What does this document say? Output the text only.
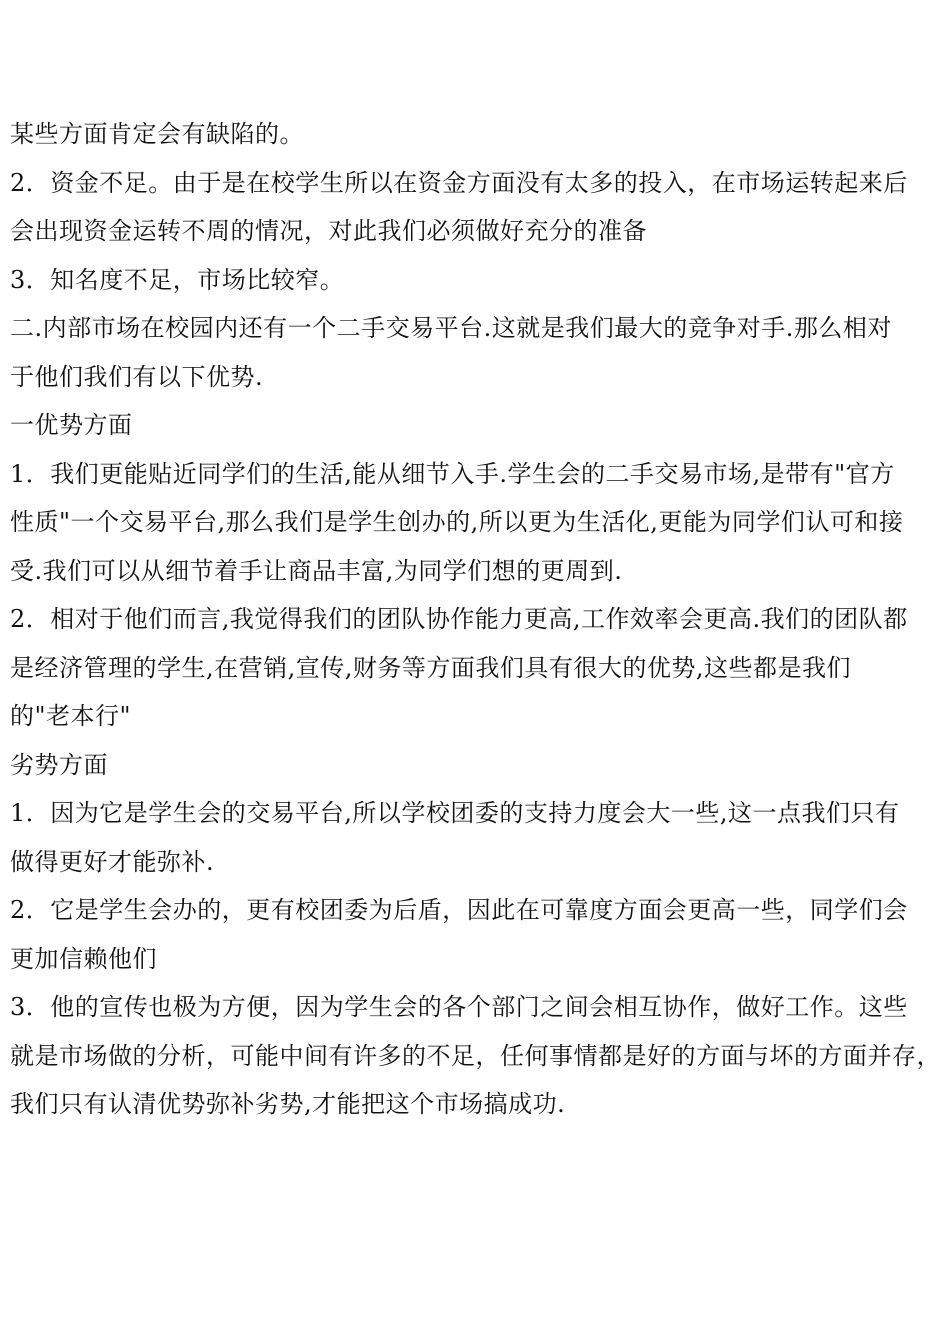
某些方面肯定会有缺陷的。
2．资金不足。由于是在校学生所以在资金方面没有太多的投入，在市场运转起来后
会出现资金运转不周的情况，对此我们必须做好充分的准备
3．知名度不足，市场比较窄。
二.内部市场在校园内还有一个二手交易平台.这就是我们最大的竞争对手.那么相对
于他们我们有以下优势.
一优势方面
1．我们更能贴近同学们的生活,能从细节入手.学生会的二手交易市场,是带有"官方
性质"一个交易平台,那么我们是学生创办的,所以更为生活化,更能为同学们认可和接
受.我们可以从细节着手让商品丰富,为同学们想的更周到.
2．相对于他们而言,我觉得我们的团队协作能力更高,工作效率会更高.我们的团队都
是经济管理的学生,在营销,宣传,财务等方面我们具有很大的优势,这些都是我们
的"老本行"
劣势方面
1．因为它是学生会的交易平台,所以学校团委的支持力度会大一些,这一点我们只有
做得更好才能弥补.
2．它是学生会办的，更有校团委为后盾，因此在可靠度方面会更高一些，同学们会
更加信赖他们
3．他的宣传也极为方便，因为学生会的各个部门之间会相互协作，做好工作。这些
就是市场做的分析，可能中间有许多的不足，任何事情都是好的方面与坏的方面并存，
我们只有认清优势弥补劣势,才能把这个市场搞成功.
